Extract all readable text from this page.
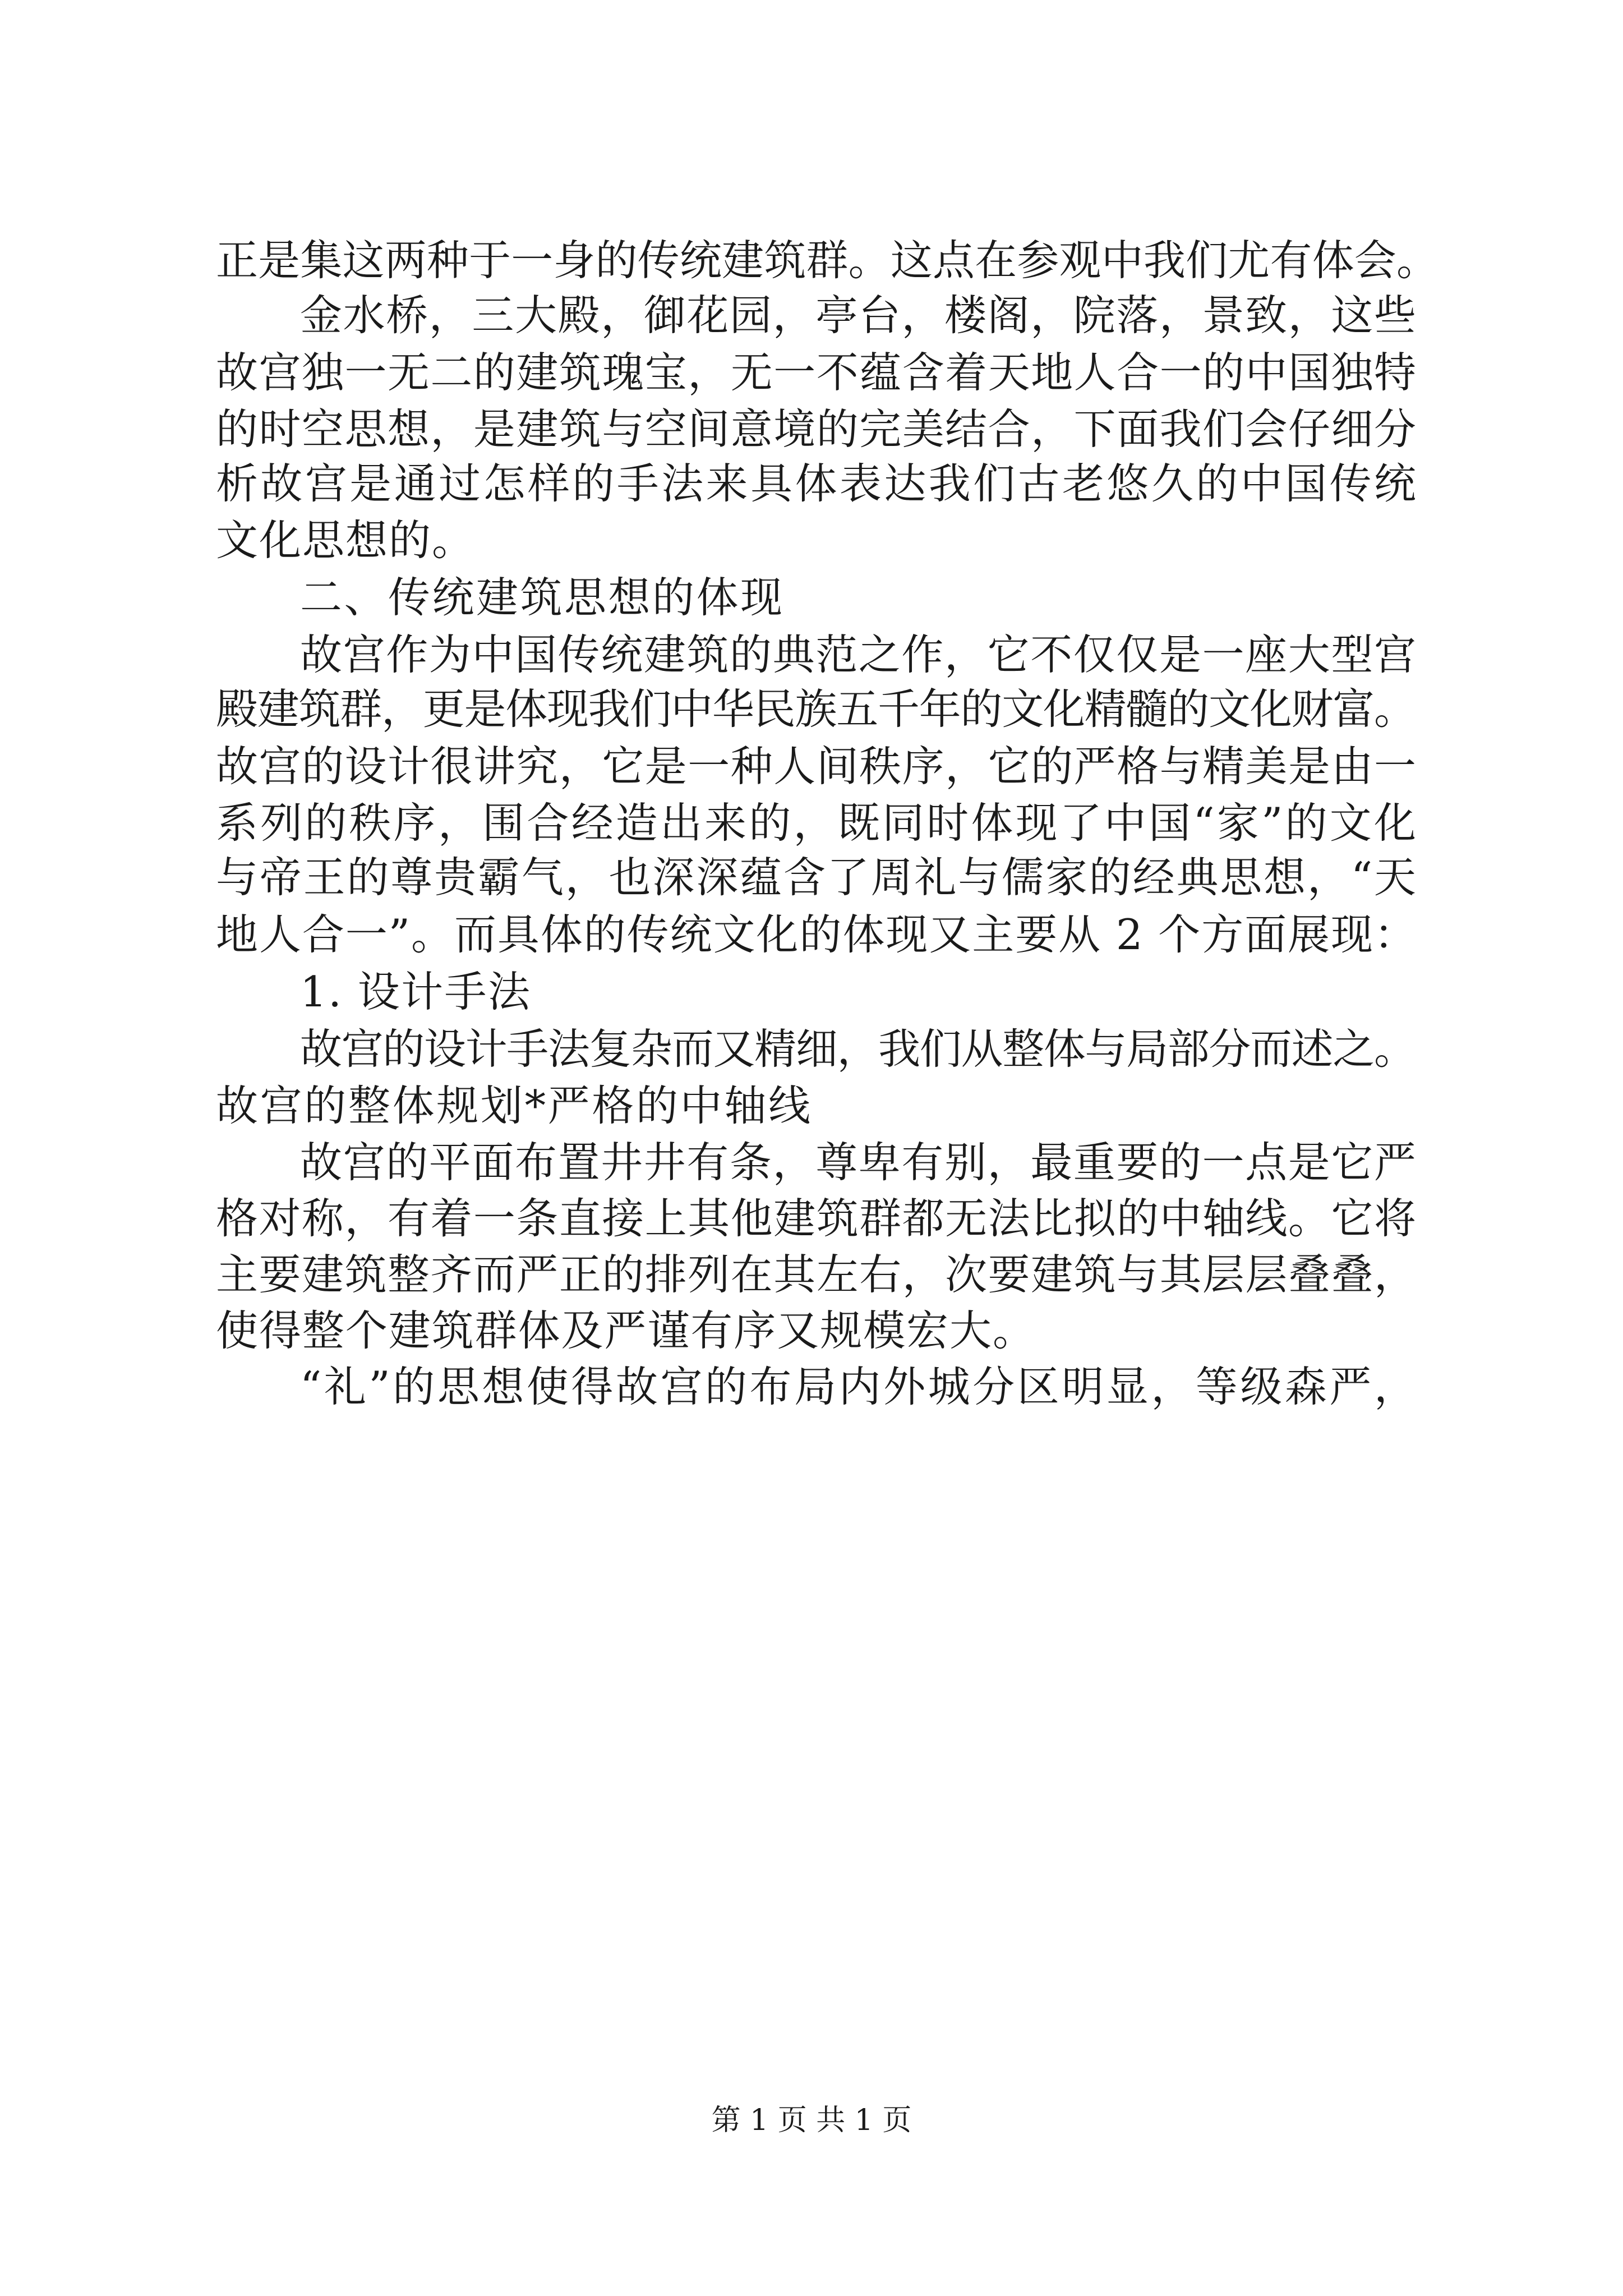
正是集这两种于一身的传统建筑群。这点在参观中我们尤有体会。
金水桥，三大殿，御花园，亭台，楼阁，院落，景致，这些
故宫独一无二的建筑瑰宝，无一不蕴含着天地人合一的中国独特
的时空思想，是建筑与空间意境的完美结合，下面我们会仔细分
析故宫是通过怎样的手法来具体表达我们古老悠久的中国传统
文化思想的。
二、传统建筑思想的体现
故宫作为中国传统建筑的典范之作，它不仅仅是一座大型宫
殿建筑群，更是体现我们中华民族五千年的文化精髓的文化财富。
故宫的设计很讲究，它是一种人间秩序，它的严格与精美是由一
系列的秩序，围合经造出来的，既同时体现了中国“家”的文化
与帝王的尊贵霸气，也深深蕴含了周礼与儒家的经典思想，“天
地人合一”。而具体的传统文化的体现又主要从 2 个方面展现：
1. 设计手法
故宫的设计手法复杂而又精细，我们从整体与局部分而述之。
故宫的整体规划*严格的中轴线
故宫的平面布置井井有条，尊卑有别，最重要的一点是它严
格对称，有着一条直接上其他建筑群都无法比拟的中轴线。它将
主要建筑整齐而严正的排列在其左右，次要建筑与其层层叠叠，
使得整个建筑群体及严谨有序又规模宏大。
“礼”的思想使得故宫的布局内外城分区明显，等级森严，
第 1 页 共 1 页
